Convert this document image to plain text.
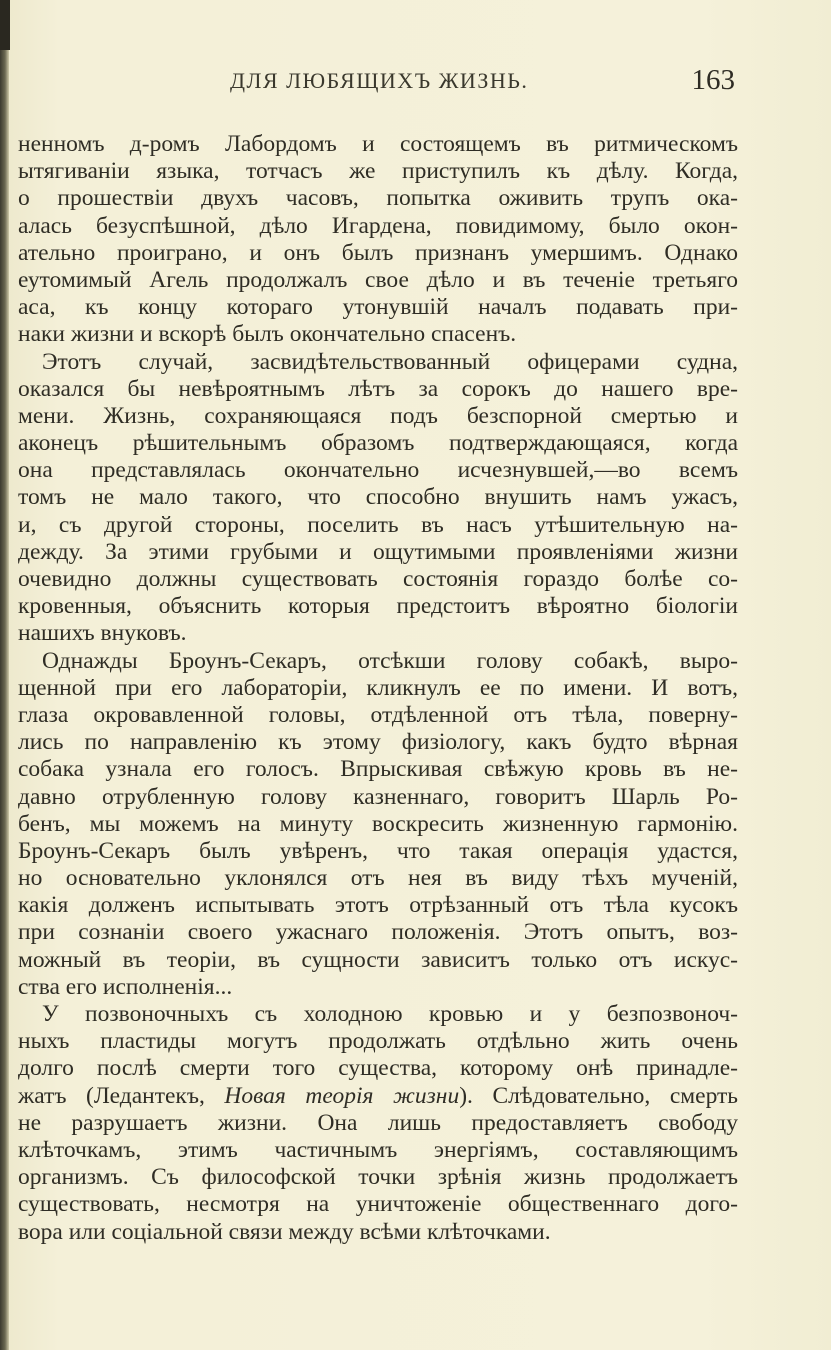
ДЛЯ ЛЮБЯЩИХЪ ЖИЗНЬ.	163
ненномъ д-ромъ Лабордомъ и состоящемъ въ ритмическомъ
ытягиваніи языка, тотчасъ же приступилъ къ дѣлу. Когда,
о прошествіи двухъ часовъ, попытка оживить трупъ ока-
алась безуспѣшной, дѣло Игардена, повидимому, было окон-
ательно проиграно, и онъ былъ признанъ умершимъ. Однако
еутомимый Агель продолжалъ свое дѣло и въ теченіе третьяго
аса, къ концу котораго утонувшій началъ подавать при-
наки жизни и вскорѣ былъ окончательно спасенъ.
Этотъ случай, засвидѣтельствованный офицерами судна,
оказался бы невѣроятнымъ лѣтъ за сорокъ до нашего вре-
мени. Жизнь, сохраняющаяся подъ безспорной смертью и
аконецъ рѣшительнымъ образомъ подтверждающаяся, когда
она представлялась окончательно исчезнувшей,—во всемъ
томъ не мало такого, что способно внушить намъ ужасъ,
и, съ другой стороны, поселить въ насъ утѣшительную на-
дежду. За этими грубыми и ощутимыми проявленіями жизни
очевидно должны существовать состоянія гораздо болѣе со-
кровенныя, объяснить которыя предстоитъ вѣроятно біологіи
нашихъ внуковъ.
Однажды Броунъ-Секаръ, отсѣкши голову собакѣ, выро-
щенной при его лабораторіи, кликнулъ ее по имени. И вотъ,
глаза окровавленной головы, отдѣленной отъ тѣла, поверну-
лись по направленію къ этому физіологу, какъ будто вѣрная
собака узнала его голосъ. Впрыскивая свѣжую кровь въ не-
давно отрубленную голову казненнаго, говоритъ Шарль Ро-
бенъ, мы можемъ на минуту воскресить жизненную гармонію.
Броунъ-Секаръ былъ увѣренъ, что такая операція удастся,
но основательно уклонялся отъ нея въ виду тѣхъ мученій,
какія долженъ испытывать этотъ отрѣзанный отъ тѣла кусокъ
при сознаніи своего ужаснаго положенія. Этотъ опытъ, воз-
можный въ теоріи, въ сущности зависитъ только отъ искус-
ства его исполненія...
У позвоночныхъ съ холодною кровью и у безпозвоноч-
ныхъ пластиды могутъ продолжать отдѣльно жить очень
долго послѣ смерти того существа, которому онѣ принадле-
жатъ (Ледантекъ, Новая теорія жизни). Слѣдовательно, смерть
не разрушаетъ жизни. Она лишь предоставляетъ свободу
клѣточкамъ, этимъ частичнымъ энергіямъ, составляющимъ
организмъ. Съ философской точки зрѣнія жизнь продолжаетъ
существовать, несмотря на уничтоженіе общественнаго дого-
вора или соціальной связи между всѣми клѣточками.
